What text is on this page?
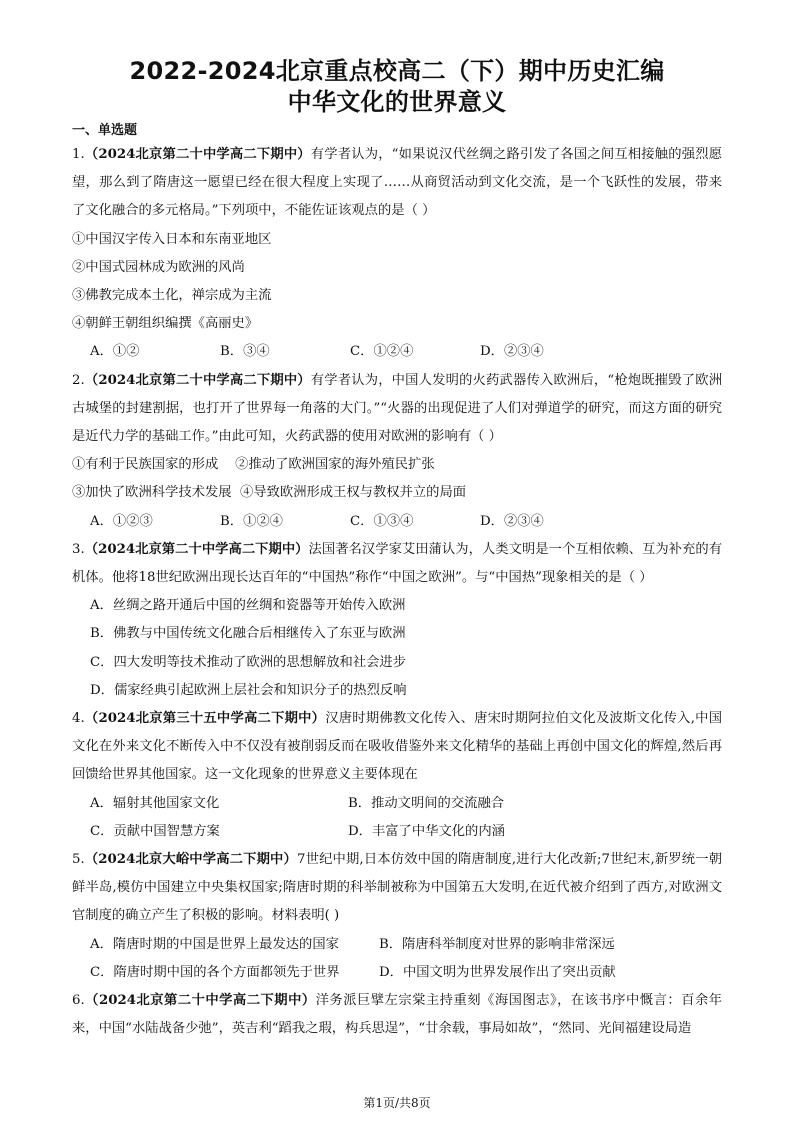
2022-2024北京重点校高二（下）期中历史汇编
中华文化的世界意义
一、单选题
1.（2024北京第二十中学高二下期中）有学者认为，“如果说汉代丝绸之路引发了各国之间互相接触的强烈愿望，那么到了隋唐这一愿望已经在很大程度上实现了……从商贸活动到文化交流，是一个飞跃性的发展，带来了文化融合的多元格局。”下列项中，不能佐证该观点的是（ ）
①中国汉字传入日本和东南亚地区
②中国式园林成为欧洲的风尚
③佛教完成本土化，禅宗成为主流
④朝鲜王朝组织编撰《高丽史》
A．①②	B．③④	C．①②④	D．②③④
2.（2024北京第二十中学高二下期中）有学者认为，中国人发明的火药武器传入欧洲后，“枪炮既摧毁了欧洲古城堡的封建割据，也打开了世界每一角落的大门。”“火器的出现促进了人们对弹道学的研究，而这方面的研究是近代力学的基础工作。”由此可知，火药武器的使用对欧洲的影响有（ ）
①有利于民族国家的形成    ②推动了欧洲国家的海外殖民扩张
③加快了欧洲科学技术发展  ④导致欧洲形成王权与教权并立的局面
A．①②③	B．①②④	C．①③④	D．②③④
3.（2024北京第二十中学高二下期中）法国著名汉学家艾田蒲认为，人类文明是一个互相依赖、互为补充的有机体。他将18世纪欧洲出现长达百年的“中国热”称作“中国之欧洲”。与“中国热”现象相关的是（ ）
A．丝绸之路开通后中国的丝绸和瓷器等开始传入欧洲
B．佛教与中国传统文化融合后相继传入了东亚与欧洲
C．四大发明等技术推动了欧洲的思想解放和社会进步
D．儒家经典引起欧洲上层社会和知识分子的热烈反响
4.（2024北京第三十五中学高二下期中）汉唐时期佛教文化传入、唐宋时期阿拉伯文化及波斯文化传入,中国文化在外来文化不断传入中不仅没有被削弱反而在吸收借鉴外来文化精华的基础上再创中国文化的辉煌,然后再回馈给世界其他国家。这一文化现象的世界意义主要体现在
A．辐射其他国家文化	B．推动文明间的交流融合
C．贡献中国智慧方案	D．丰富了中华文化的内涵
5.（2024北京大峪中学高二下期中）7世纪中期,日本仿效中国的隋唐制度,进行大化改新;7世纪末,新罗统一朝鲜半岛,模仿中国建立中央集权国家;隋唐时期的科举制被称为中国第五大发明,在近代被介绍到了西方,对欧洲文官制度的确立产生了积极的影响。材料表明( )
A．隋唐时期的中国是世界上最发达的国家	B．隋唐科举制度对世界的影响非常深远
C．隋唐时期中国的各个方面都领先于世界	D．中国文明为世界发展作出了突出贡献
6.（2024北京第二十中学高二下期中）洋务派巨擘左宗棠主持重刻《海国图志》，在该书序中慨言：百余年来，中国“水陆战备少弛”，英吉利“蹈我之瑕，构兵思逞”，“廿余载，事局如故”，“然同、光间福建设局造
第1页/共8页
